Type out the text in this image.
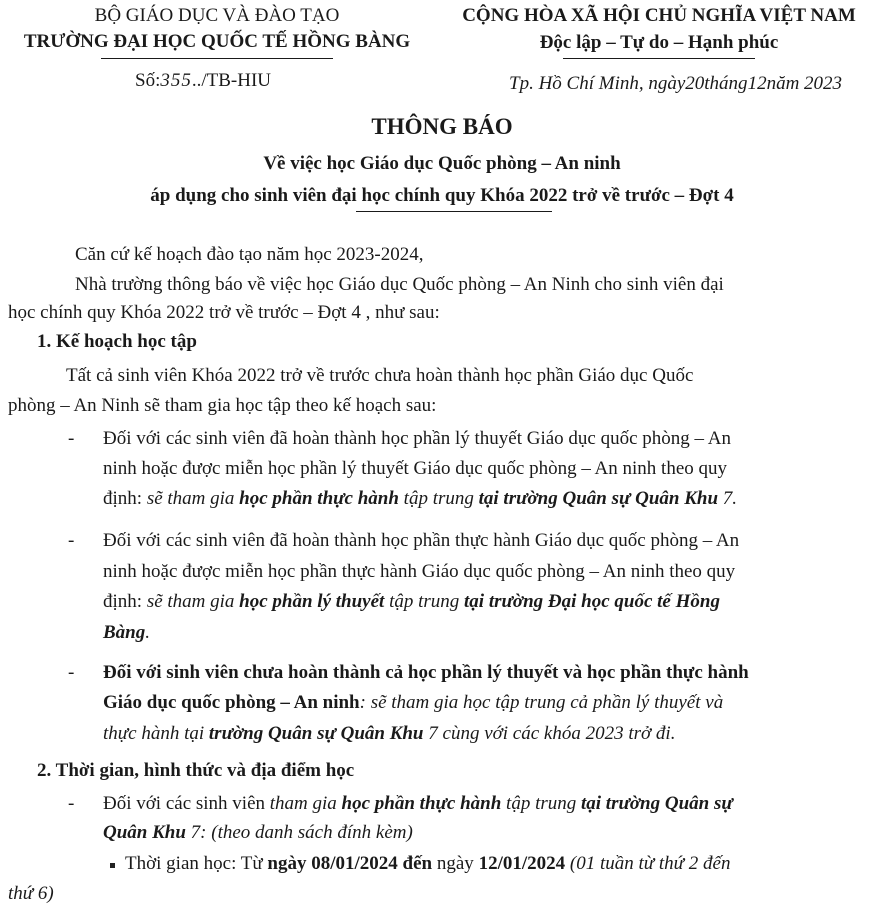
BỘ GIÁO DỤC VÀ ĐÀO TẠO
TRƯỜNG ĐẠI HỌC QUỐC TẾ HỒNG BÀNG
Số:355../TB-HIU
CỘNG HÒA XÃ HỘI CHỦ NGHĨA VIỆT NAM
Độc lập – Tự do – Hạnh phúc
Tp. Hồ Chí Minh, ngày20tháng12năm 2023
THÔNG BÁO
Về việc học Giáo dục Quốc phòng – An ninh
áp dụng cho sinh viên đại học chính quy Khóa 2022 trở về trước – Đợt 4
Căn cứ kế hoạch đào tạo năm học 2023-2024,
Nhà trường thông báo về việc học Giáo dục Quốc phòng – An Ninh cho sinh viên đại
học chính quy Khóa 2022 trở về trước – Đợt 4 , như sau:
1. Kế hoạch học tập
Tất cả sinh viên Khóa 2022 trở về trước chưa hoàn thành học phần Giáo dục Quốc
phòng – An Ninh sẽ tham gia học tập theo kế hoạch sau:
- Đối với các sinh viên đã hoàn thành học phần lý thuyết Giáo dục quốc phòng – An
ninh hoặc được miễn học phần lý thuyết Giáo dục quốc phòng – An ninh theo quy
định: sẽ tham gia học phần thực hành tập trung tại trường Quân sự Quân Khu 7.
- Đối với các sinh viên đã hoàn thành học phần thực hành Giáo dục quốc phòng – An
ninh hoặc được miễn học phần thực hành Giáo dục quốc phòng – An ninh theo quy
định: sẽ tham gia học phần lý thuyết tập trung tại trường Đại học quốc tế Hồng
Bàng.
- Đối với sinh viên chưa hoàn thành cả học phần lý thuyết và học phần thực hành
Giáo dục quốc phòng – An ninh: sẽ tham gia học tập trung cả phần lý thuyết và
thực hành tại trường Quân sự Quân Khu 7 cùng với các khóa 2023 trở đi.
2. Thời gian, hình thức và địa điểm học
- Đối với các sinh viên tham gia học phần thực hành tập trung tại trường Quân sự
Quân Khu 7: (theo danh sách đính kèm)
Thời gian học: Từ ngày 08/01/2024 đến ngày 12/01/2024 (01 tuần từ thứ 2 đến
thứ 6)
